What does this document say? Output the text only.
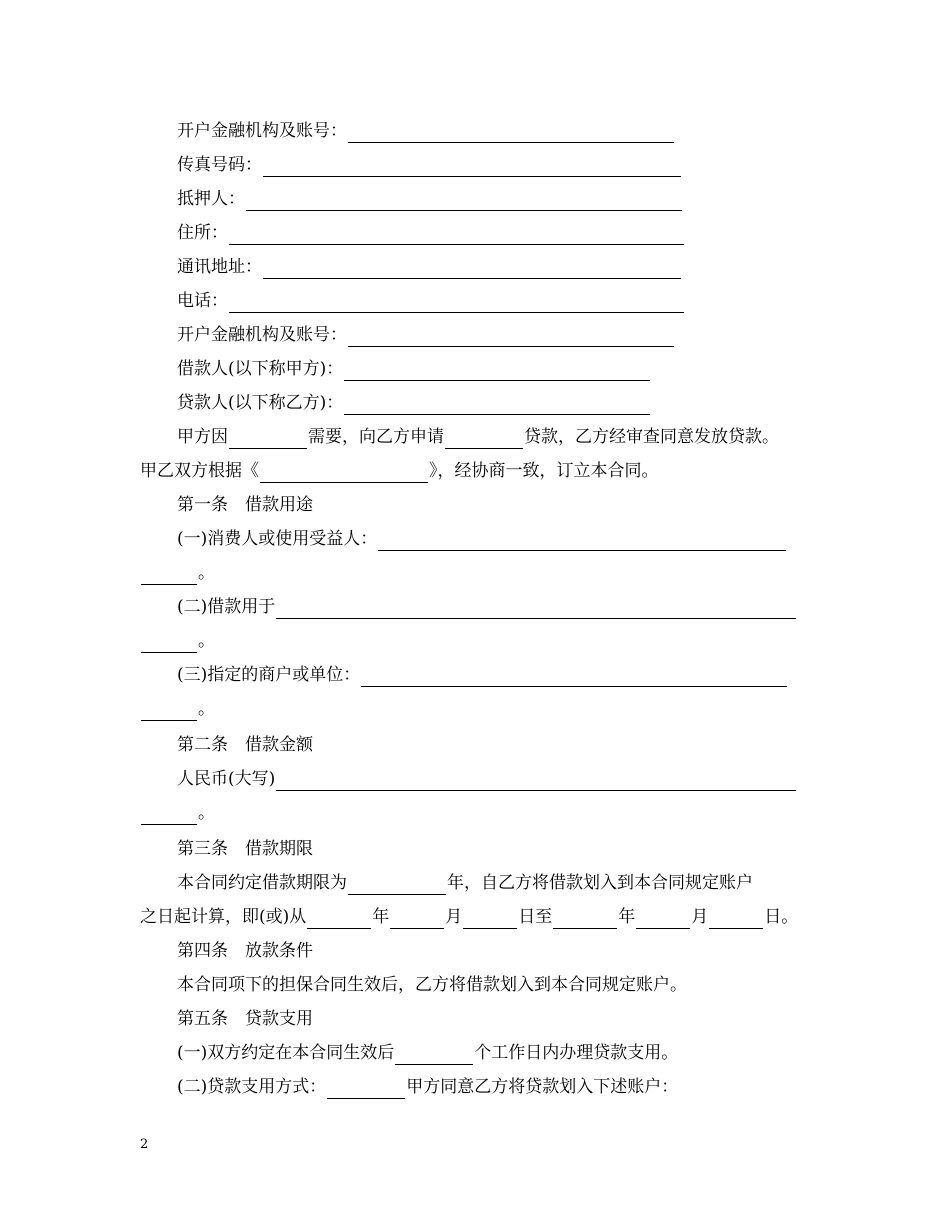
开户金融机构及账号：
传真号码：
抵押人：
住所：
通讯地址：
电话：
开户金融机构及账号：
借款人(以下称甲方)：
贷款人(以下称乙方)：
甲方因	需要，向乙方申请	贷款，乙方经审查同意发放贷款。
甲乙双方根据《	》，经协商一致，订立本合同。
第一条 借款用途
(一)消费人或使用受益人：
。
(二)借款用于
。
(三)指定的商户或单位：
。
第二条 借款金额
人民币(大写)
。
第三条 借款期限
本合同约定借款期限为	年，自乙方将借款划入到本合同规定账户
之日起计算，即(或)从	年	月	日至	年	月	日。
第四条 放款条件
本合同项下的担保合同生效后，乙方将借款划入到本合同规定账户。
第五条 贷款支用
(一)双方约定在本合同生效后	个工作日内办理贷款支用。
(二)贷款支用方式：	甲方同意乙方将贷款划入下述账户：
2
